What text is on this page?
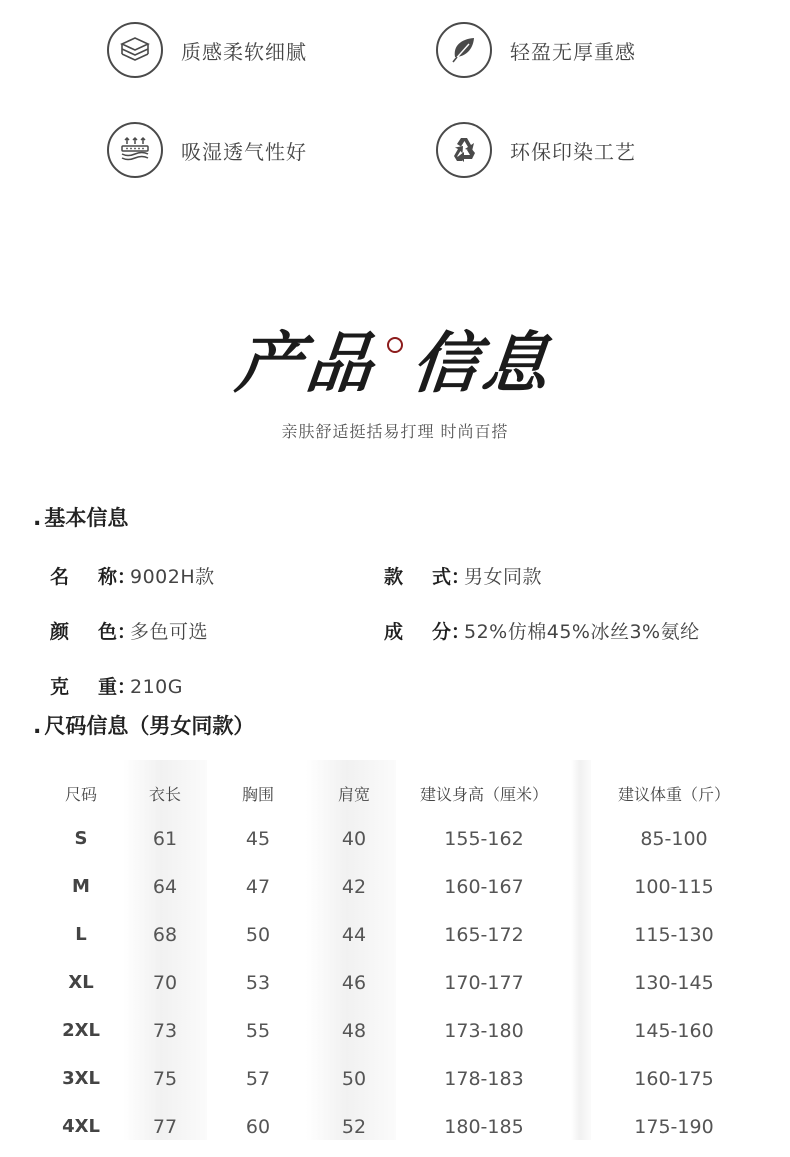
质感柔软细腻	轻盈无厚重感
吸湿透气性好	环保印染工艺
产品 信息
亲肤舒适挺括易打理 时尚百搭
. 基本信息
名 称：9002H款	款 式：男女同款
颜 色：多色可选	成 分：52%仿棉45%冰丝3%氨纶
克 重：210G
. 尺码信息（男女同款）
尺码	衣长	胸围	肩宽	建议身高（厘米）	建议体重（斤）
S	61	45	40	155-162	85-100
M	64	47	42	160-167	100-115
L	68	50	44	165-172	115-130
XL	70	53	46	170-177	130-145
2XL	73	55	48	173-180	145-160
3XL	75	57	50	178-183	160-175
4XL	77	60	52	180-185	175-190
